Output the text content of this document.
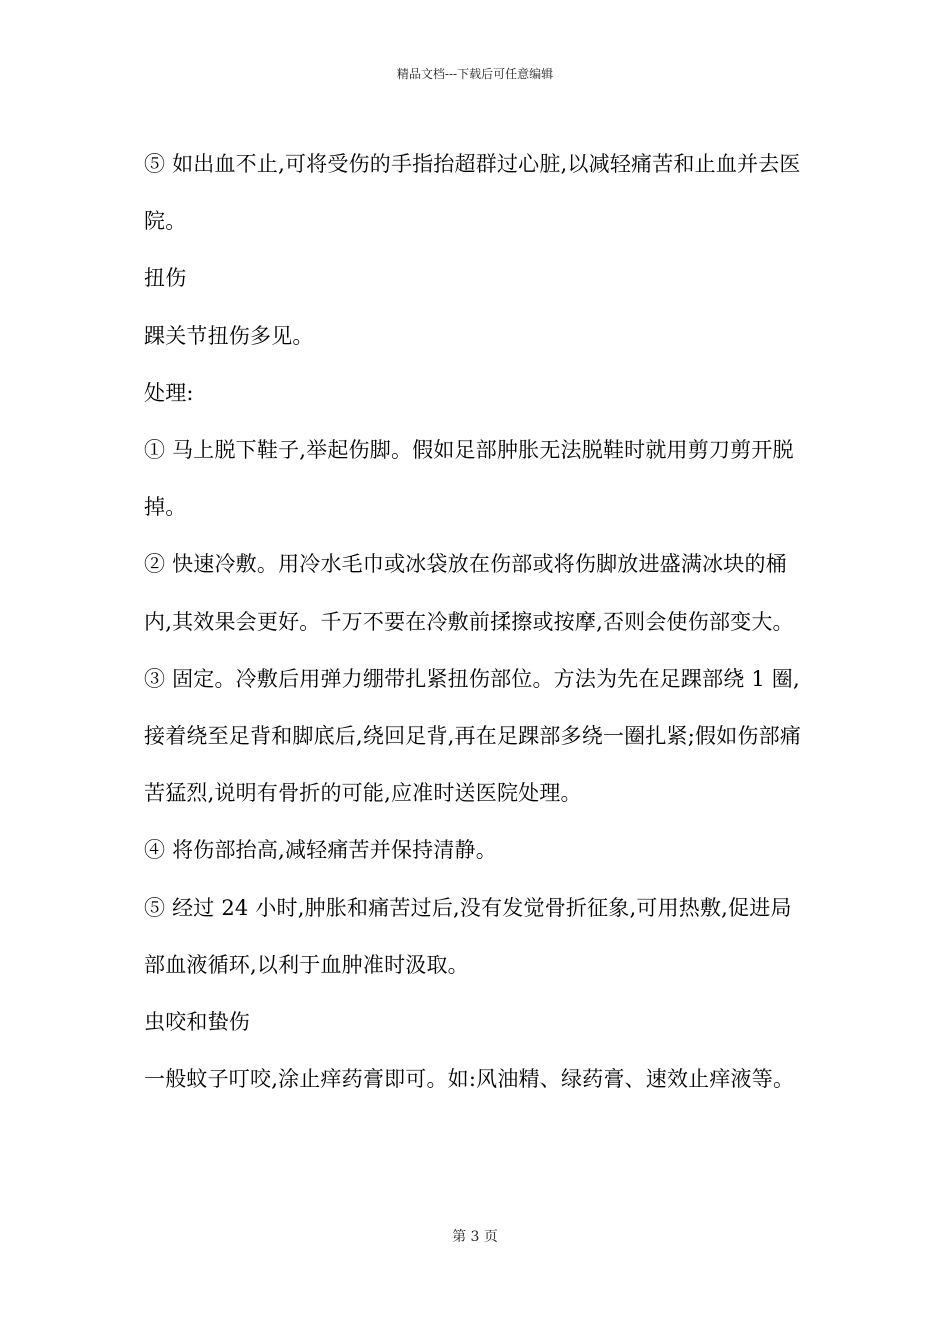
精品文档---下载后可任意编辑

⑤ 如出血不止,可将受伤的手指抬超群过心脏,以减轻痛苦和止血并去医院。

扭伤

踝关节扭伤多见。

处理:

① 马上脱下鞋子,举起伤脚。假如足部肿胀无法脱鞋时就用剪刀剪开脱掉。

② 快速冷敷。用冷水毛巾或冰袋放在伤部或将伤脚放进盛满冰块的桶内,其效果会更好。千万不要在冷敷前揉擦或按摩,否则会使伤部变大。

③ 固定。冷敷后用弹力绷带扎紧扭伤部位。方法为先在足踝部绕 1 圈,接着绕至足背和脚底后,绕回足背,再在足踝部多绕一圈扎紧;假如伤部痛苦猛烈,说明有骨折的可能,应准时送医院处理。

④ 将伤部抬高,减轻痛苦并保持清静。

⑤ 经过 24 小时,肿胀和痛苦过后,没有发觉骨折征象,可用热敷,促进局部血液循环,以利于血肿准时汲取。

虫咬和蛰伤

一般蚊子叮咬,涂止痒药膏即可。如:风油精、绿药膏、速效止痒液等。

第 3 页
